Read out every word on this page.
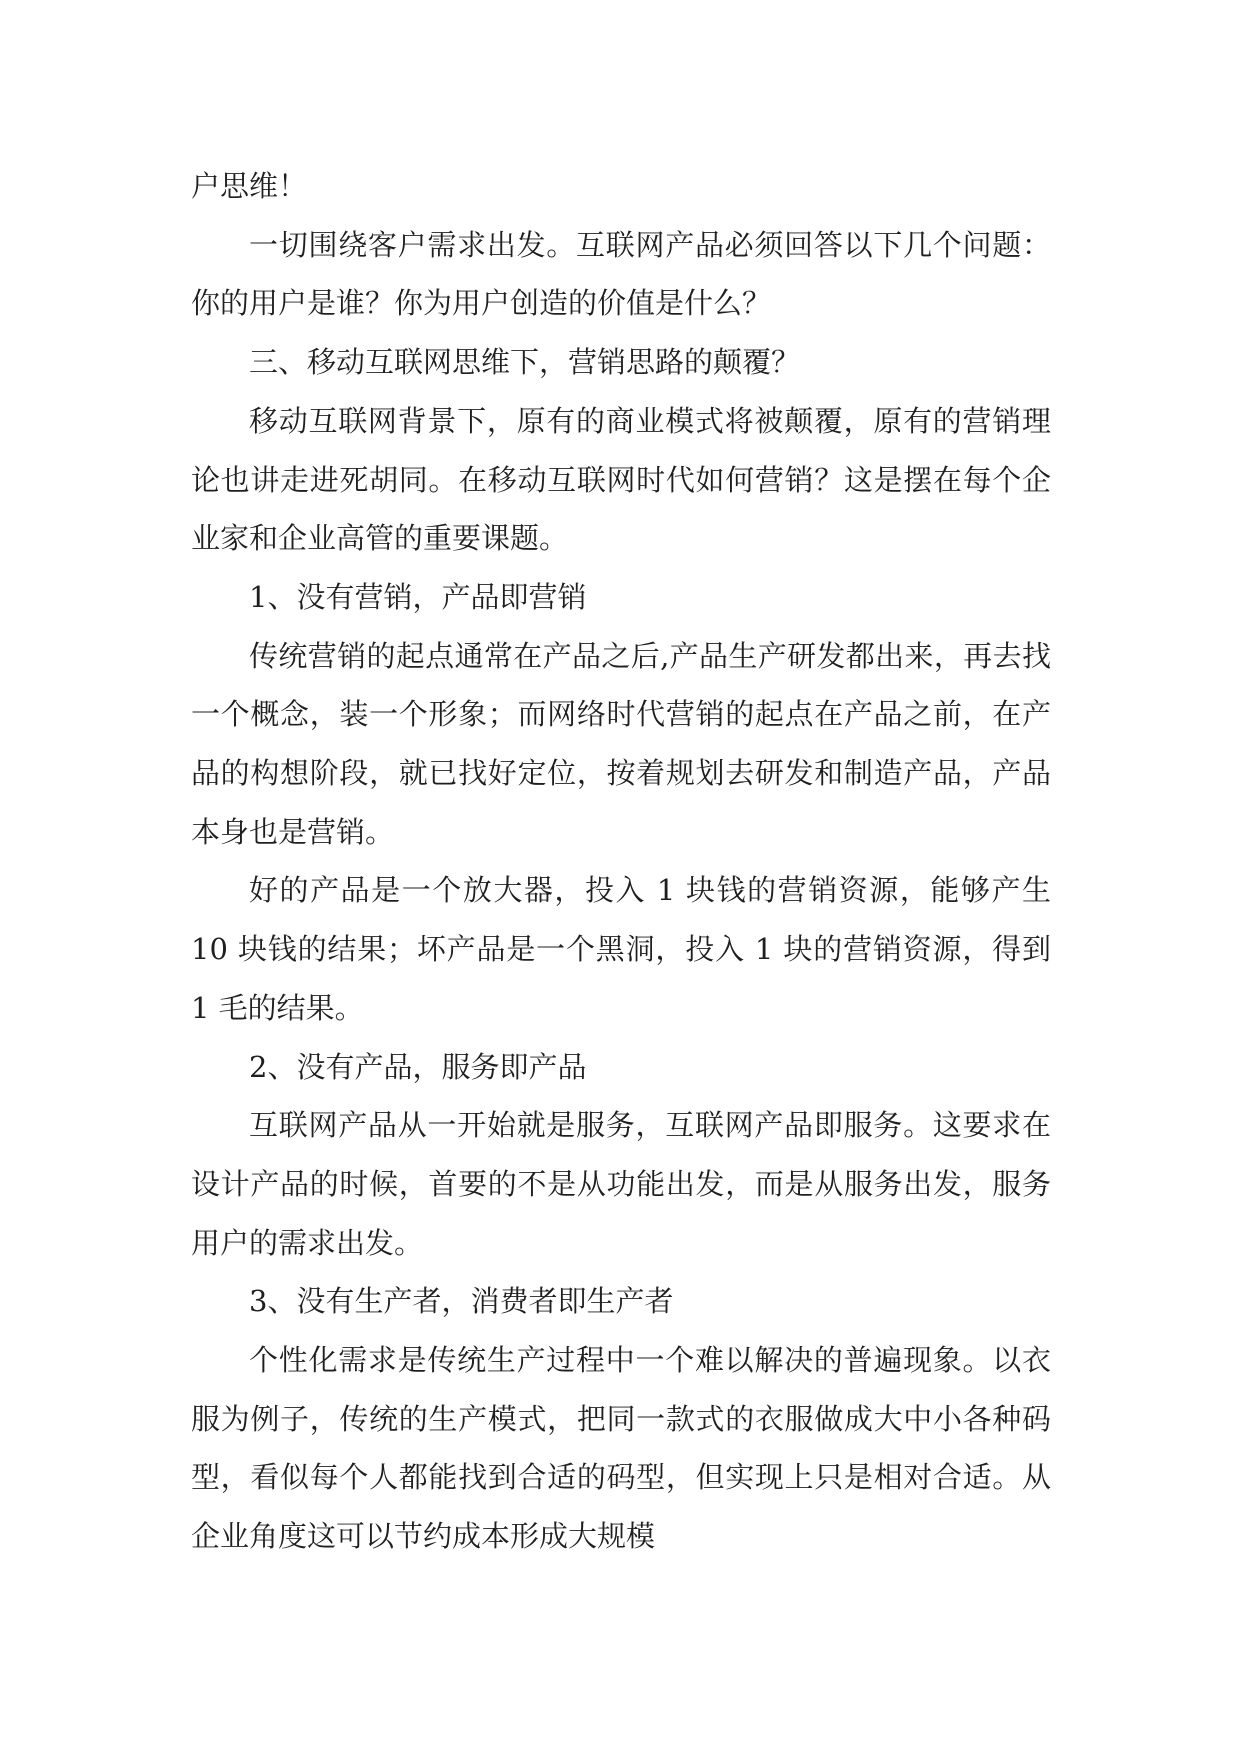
户思维！

一切围绕客户需求出发。互联网产品必须回答以下几个问题：你的用户是谁？你为用户创造的价值是什么？

三、移动互联网思维下，营销思路的颠覆？

移动互联网背景下，原有的商业模式将被颠覆，原有的营销理论也讲走进死胡同。在移动互联网时代如何营销？这是摆在每个企业家和企业高管的重要课题。

1、没有营销，产品即营销

传统营销的起点通常在产品之后,产品生产研发都出来，再去找一个概念，装一个形象；而网络时代营销的起点在产品之前，在产品的构想阶段，就已找好定位，按着规划去研发和制造产品，产品本身也是营销。

好的产品是一个放大器，投入 1 块钱的营销资源，能够产生 10 块钱的结果；坏产品是一个黑洞，投入 1 块的营销资源，得到 1 毛的结果。

2、没有产品，服务即产品

互联网产品从一开始就是服务，互联网产品即服务。这要求在设计产品的时候，首要的不是从功能出发，而是从服务出发，服务用户的需求出发。

3、没有生产者，消费者即生产者

个性化需求是传统生产过程中一个难以解决的普遍现象。以衣服为例子，传统的生产模式，把同一款式的衣服做成大中小各种码型，看似每个人都能找到合适的码型，但实现上只是相对合适。从企业角度这可以节约成本形成大规模
